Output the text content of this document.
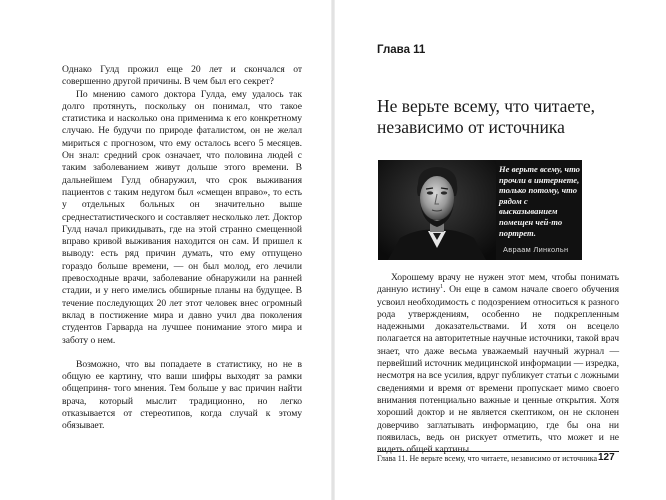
Однако Гулд прожил еще 20 лет и скончался от совершенно другой причины. В чем был его секрет?

По мнению самого доктора Гулда, ему удалось так долго протянуть, поскольку он понимал, что такое статистика и насколько она применима к его конкретному случаю. Не будучи по природе фаталистом, он не желал мириться с прогнозом, что ему осталось всего 5 месяцев. Он знал: средний срок означает, что половина людей с таким заболеванием живут дольше этого времени. В дальнейшем Гулд обнаружил, что срок выживания пациентов с таким недугом был «смещен вправо», то есть у отдельных больных он значительно выше среднестатистического и составляет несколько лет. Доктор Гулд начал прикидывать, где на этой странно смещенной вправо кривой выживания находится он сам. И пришел к выводу: есть ряд причин думать, что ему отпущено гораздо больше времени, — он был молод, его лечили превосходные врачи, заболевание обнаружили на ранней стадии, и у него имелись обширные планы на будущее. В течение последующих 20 лет этот человек внес огромный вклад в постижение мира и давно учил два поколения студентов Гарварда на лучшее понимание этого мира и заботу о нем.

Возможно, что вы попадаете в статистику, но не в общую ее картину, что ваши шифры выходят за рамки общеприня- того мнения. Тем больше у вас причин найти врача, который мыслит традиционно, но легко отказывается от стереотипов, когда случай к этому обязывает.

Глава 11
Не верьте всему, что читаете, независимо от источника
Не верьте всему, что прочли в интернете, только потому, что рядом с высказыванием помещен чей-то портрет.
Авраам Линкольн

Хорошему врачу не нужен этот мем, чтобы понимать данную истину$^1$. Он еще в самом начале своего обучения усвоил необходимость с подозрением относиться к разного рода утверждениям, особенно не подкрепленным надежными доказательствами. И хотя он всецело полагается на авторитетные научные источники, такой врач знает, что даже весьма уважаемый научный журнал — первейший источник медицинской информации — изредка, несмотря на все усилия, вдруг публикует статьи с ложными сведениями и время от времени пропускает мимо своего внимания потенциально важные и ценные открытия. Хотя хороший доктор и не является скептиком, он не склонен доверчиво заглатывать информацию, где бы она ни появилась, ведь он рискует отметить, что может и не видеть общей картины.

Глава 11. Не верьте всему, что читаете, независимо от источника 127
